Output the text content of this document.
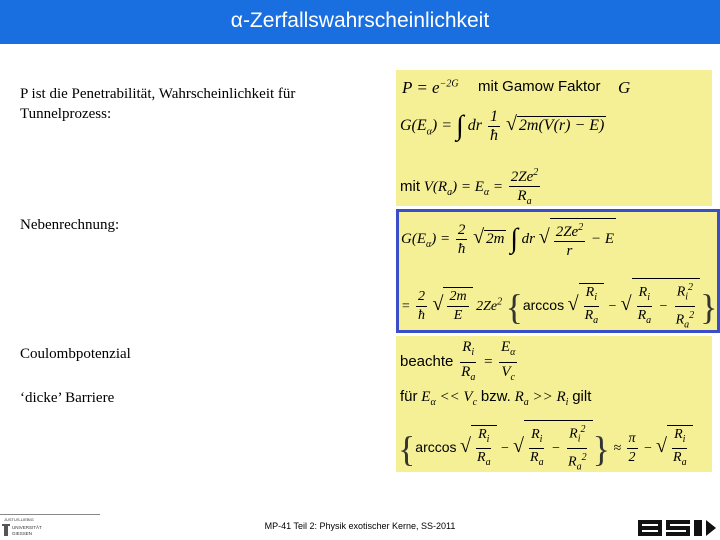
α-Zerfallswahrscheinlichkeit
P ist die Penetrabilität, Wahrscheinlichkeit für Tunnelprozess:
Nebenrechnung:
Coulombpotenzial
‘dicke’ Barriere
$P = e^{-2G}$ mit Gamow Faktor G
$G(E_\alpha)$ = ∫ dr $\frac{1}{ħ}$ √ 2m(V(r) − E)
mit $V(R_a) = E_\alpha = \frac{2Ze^2}{R_a}$
$G(E_\alpha) = \frac{2}{ħ}$ √ 2m ∫ dr √ $\frac{2Ze^2}{r} - E$
= $\frac{2}{ħ}$ √ $\frac{2m}{E} 2Ze^2$ {arccos √ $\frac{R_i}{R_a}$ − √ $\frac{R_i}{R_a} - \frac{R_i^2}{R_a^2}$ }
beachte $\frac{R_i}{R_a} = \frac{E_\alpha}{V_c}$
für $E_\alpha << V_c$ bzw. $R_a >> R_i$ gilt
{arccos √ $\frac{R_i}{R_a}$ − √ $\frac{R_i}{R_a} - \frac{R_i^2}{R_a^2}$ } ≈ $\frac{\pi}{2}$ − √ $\frac{R_i}{R_a}$
JUSTUS-LIEBIG
UNIVERSITÄT
GIESSEN
MP-41 Teil 2: Physik exotischer Kerne, SS-2011
